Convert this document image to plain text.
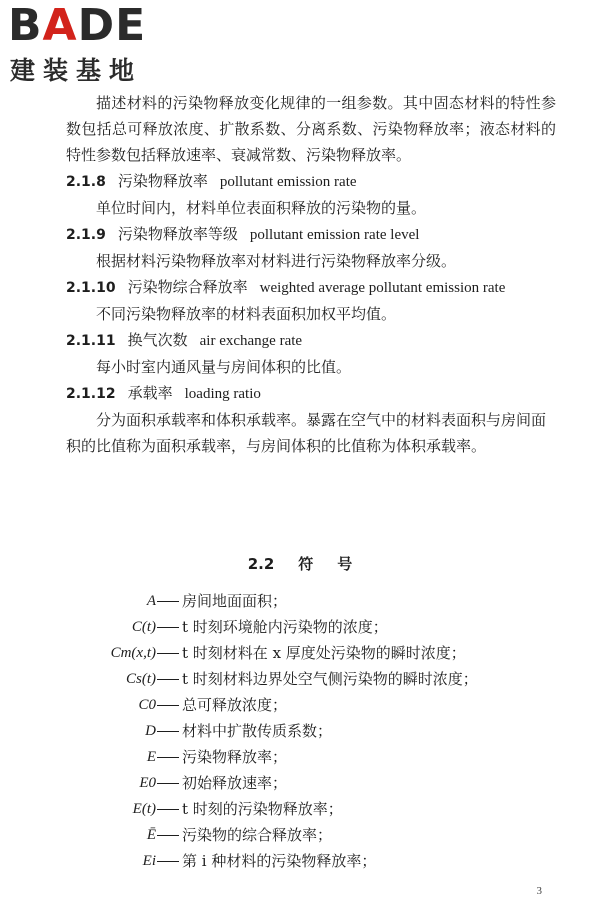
BADE
建装基地

描述材料的污染物释放变化规律的一组参数。其中固态材料的特性参数包括总可释放浓度、扩散系数、分离系数、污染物释放率；液态材料的特性参数包括释放速率、衰减常数、污染物释放率。

2.1.8 污染物释放率 pollutant emission rate

单位时间内，材料单位表面积释放的污染物的量。

2.1.9 污染物释放率等级 pollutant emission rate level

根据材料污染物释放率对材料进行污染物释放率分级。

2.1.10 污染物综合释放率 weighted average pollutant emission rate

不同污染物释放率的材料表面积加权平均值。

2.1.11 换气次数 air exchange rate

每小时室内通风量与房间体积的比值。

2.1.12 承载率 loading ratio

分为面积承载率和体积承载率。暴露在空气中的材料表面积与房间面积的比值称为面积承载率，与房间体积的比值称为体积承载率。

2.2 符 号
A 房间地面面积；
C(t) t 时刻环境舱内污染物的浓度；
Cm(x,t) t 时刻材料在 x 厚度处污染物的瞬时浓度；
Cs(t) t 时刻材料边界处空气侧污染物的瞬时浓度；
C0 总可释放浓度；
D 材料中扩散传质系数；
E 污染物释放率；
E0 初始释放速率；
E(t) t 时刻的污染物释放率；
Ē 污染物的综合释放率；
Ei 第 i 种材料的污染物释放率；
3
